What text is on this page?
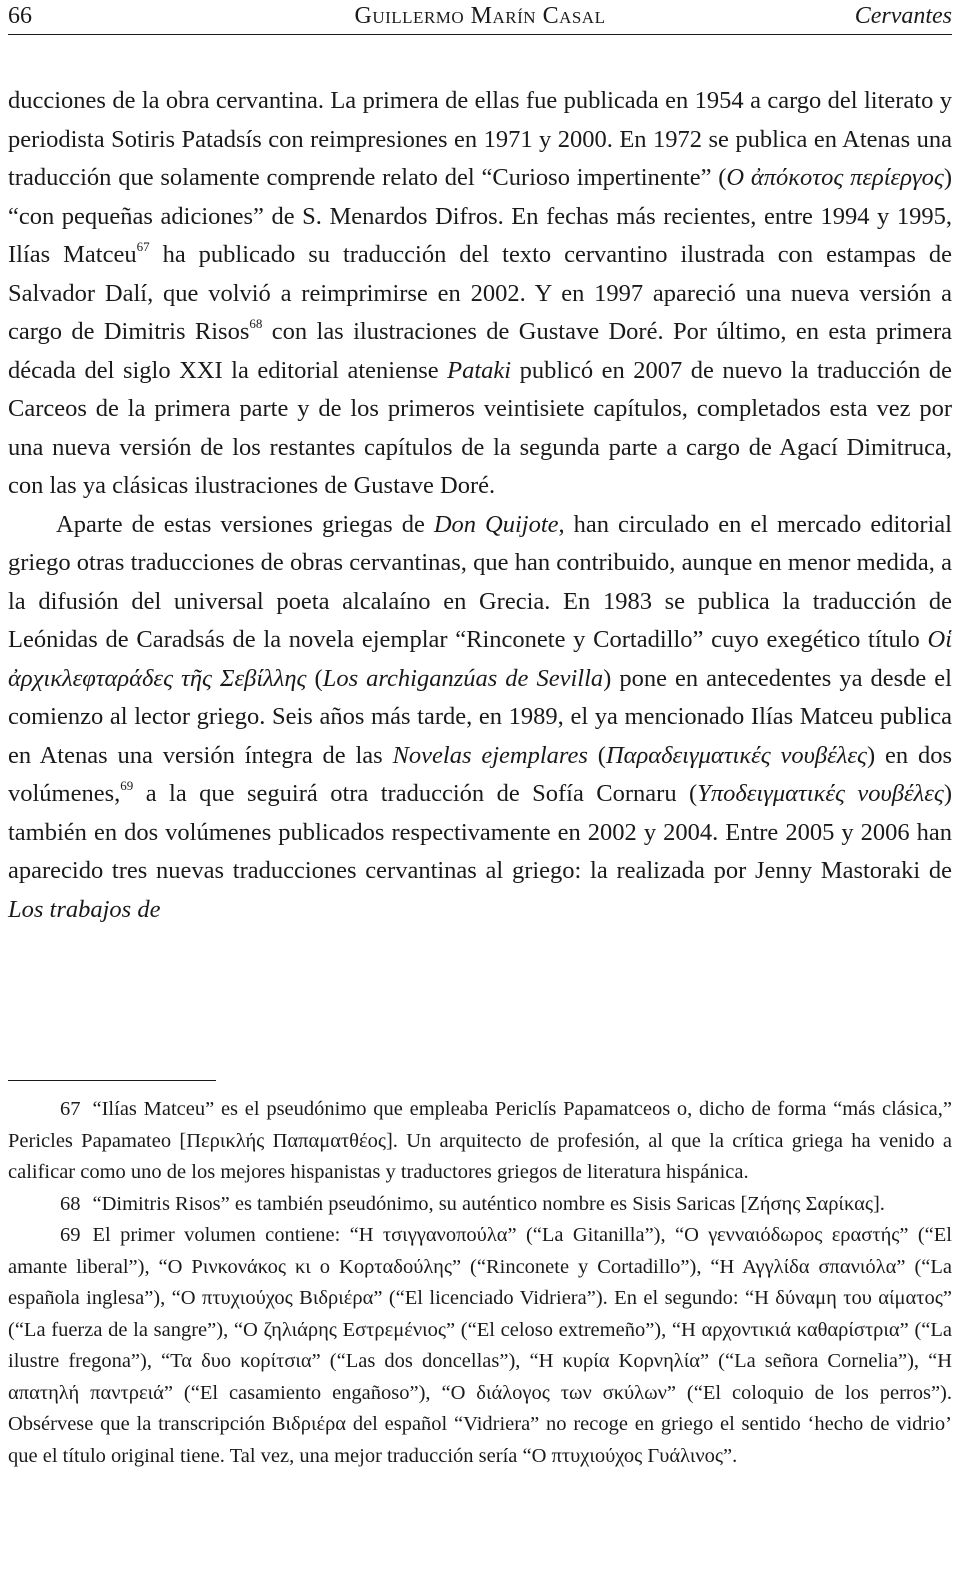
66	Guillermo Marín Casal	Cervantes

ducciones de la obra cervantina. La primera de ellas fue publicada en 1954 a cargo del literato y periodista Sotiris Patadsís con reimpresiones en 1971 y 2000. En 1972 se publica en Atenas una traducción que solamente comprende relato del “Curioso impertinente” (Ο ἀπόκοτος περίεργος) “con pequeñas adiciones” de S. Menardos Difros. En fechas más recientes, entre 1994 y 1995, Ilías Matceu$^{67}$ ha publicado su traducción del texto cervantino ilustrada con estampas de Salvador Dalí, que volvió a reimprimirse en 2002. Y en 1997 apareció una nueva versión a cargo de Dimitris Risos$^{68}$ con las ilustraciones de Gustave Doré. Por último, en esta primera década del siglo XXI la editorial ateniense Pataki publicó en 2007 de nuevo la traducción de Carceos de la primera parte y de los primeros veintisiete capítulos, completados esta vez por una nueva versión de los restantes capítulos de la segunda parte a cargo de Agací Dimitruca, con las ya clásicas ilustraciones de Gustave Doré.

Aparte de estas versiones griegas de Don Quijote, han circulado en el mercado editorial griego otras traducciones de obras cervantinas, que han contribuido, aunque en menor medida, a la difusión del universal poeta alcalaíno en Grecia. En 1983 se publica la traducción de Leónidas de Caradsás de la novela ejemplar “Rinconete y Cortadillo” cuyo exegético título Οἱ ἀρχικλεφταράδες τῆς Σεβίλλης (Los archiganzúas de Sevilla) pone en antecedentes ya desde el comienzo al lector griego. Seis años más tarde, en 1989, el ya mencionado Ilías Matceu publica en Atenas una versión íntegra de las Novelas ejemplares (Παραδειγματικές νουβέλες) en dos volúmenes,$^{69}$ a la que seguirá otra traducción de Sofía Cornaru (Υποδειγματικές νουβέλες) también en dos volúmenes publicados respectivamente en 2002 y 2004. Entre 2005 y 2006 han aparecido tres nuevas traducciones cervantinas al griego: la realizada por Jenny Mastoraki de Los trabajos de

67 “Ilías Matceu” es el pseudónimo que empleaba Periclís Papamatceos o, dicho de forma “más clásica,” Pericles Papamateo [Περικλής Παπαματθέος]. Un arquitecto de profesión, al que la crítica griega ha venido a calificar como uno de los mejores hispanistas y traductores griegos de literatura hispánica.

68 “Dimitris Risos” es también pseudónimo, su auténtico nombre es Sisis Saricas [Ζήσης Σαρίκας].

69 El primer volumen contiene: “Η τσιγγανοπούλα” (“La Gitanilla”), “Ο γενναιόδωρος εραστής” (“El amante liberal”), “Ο Ρινκονάκος κι ο Κορταδούλης” (“Rinconete y Cortadillo”), “Η Αγγλίδα σπανιόλα” (“La española inglesa”), “Ο πτυχιούχος Βιδριέρα” (“El licenciado Vidriera”). En el segundo: “Η δύναμη του αίματος” (“La fuerza de la sangre”), “Ο ζηλιάρης Εστρεμένιος” (“El celoso extremeño”), “Η αρχοντικιά καθαρίστρια” (“La ilustre fregona”), “Τα δυο κορίτσια” (“Las dos doncellas”), “Η κυρία Κορνηλία” (“La señora Cornelia”), “Η απατηλή παντρειά” (“El casamiento engañoso”), “Ο διάλογος των σκύλων” (“El coloquio de los perros”). Obsérvese que la transcripción Βιδριέρα del español “Vidriera” no recoge en griego el sentido ‘hecho de vidrio’ que el título original tiene. Tal vez, una mejor traducción sería “Ο πτυχιούχος Γυάλινος”.
